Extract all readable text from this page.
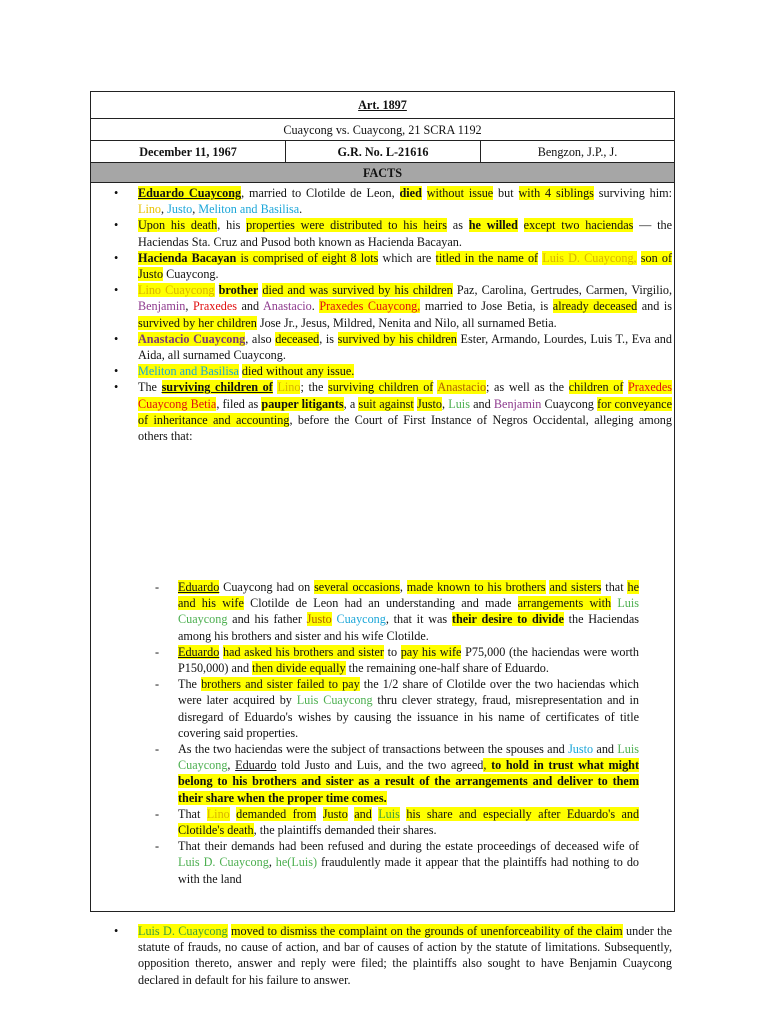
Art. 1897
Cuaycong vs. Cuaycong, 21 SCRA 1192
December 11, 1967	G.R. No. L-21616	Bengzon, J.P., J.
FACTS
• Eduardo Cuaycong, married to Clotilde de Leon, died without issue but with 4 siblings surviving him: Lino, Justo, Meliton and Basilisa.
• Upon his death, his properties were distributed to his heirs as he willed except two haciendas — the Haciendas Sta. Cruz and Pusod both known as Hacienda Bacayan.
• Hacienda Bacayan is comprised of eight 8 lots which are titled in the name of Luis D. Cuaycong, son of Justo Cuaycong.
• Lino Cuaycong brother died and was survived by his children Paz, Carolina, Gertrudes, Carmen, Virgilio, Benjamin, Praxedes and Anastacio. Praxedes Cuaycong, married to Jose Betia, is already deceased and is survived by her children Jose Jr., Jesus, Mildred, Nenita and Nilo, all surnamed Betia.
• Anastacio Cuaycong, also deceased, is survived by his children Ester, Armando, Lourdes, Luis T., Eva and Aida, all surnamed Cuaycong.
• Meliton and Basilisa died without any issue.
• The surviving children of Lino; the surviving children of Anastacio; as well as the children of Praxedes Cuaycong Betia, filed as pauper litigants, a suit against Justo, Luis and Benjamin Cuaycong for conveyance of inheritance and accounting, before the Court of First Instance of Negros Occidental, alleging among others that:
- Eduardo Cuaycong had on several occasions, made known to his brothers and sisters that he and his wife Clotilde de Leon had an understanding and made arrangements with Luis Cuaycong and his father Justo Cuaycong, that it was their desire to divide the Haciendas among his brothers and sister and his wife Clotilde.
- Eduardo had asked his brothers and sister to pay his wife P75,000 (the haciendas were worth P150,000) and then divide equally the remaining one-half share of Eduardo.
- The brothers and sister failed to pay the 1/2 share of Clotilde over the two haciendas which were later acquired by Luis Cuaycong thru clever strategy, fraud, misrepresentation and in disregard of Eduardo's wishes by causing the issuance in his name of certificates of title covering said properties.
- As the two haciendas were the subject of transactions between the spouses and Justo and Luis Cuaycong, Eduardo told Justo and Luis, and the two agreed, to hold in trust what might belong to his brothers and sister as a result of the arrangements and deliver to them their share when the proper time comes.
- That Lino demanded from Justo and Luis his share and especially after Eduardo's and Clotilde's death, the plaintiffs demanded their shares.
- That their demands had been refused and during the estate proceedings of deceased wife of Luis D. Cuaycong, he(Luis) fraudulently made it appear that the plaintiffs had nothing to do with the land
• Luis D. Cuaycong moved to dismiss the complaint on the grounds of unenforceability of the claim under the statute of frauds, no cause of action, and bar of causes of action by the statute of limitations. Subsequently, opposition thereto, answer and reply were filed; the plaintiffs also sought to have Benjamin Cuaycong declared in default for his failure to answer.
